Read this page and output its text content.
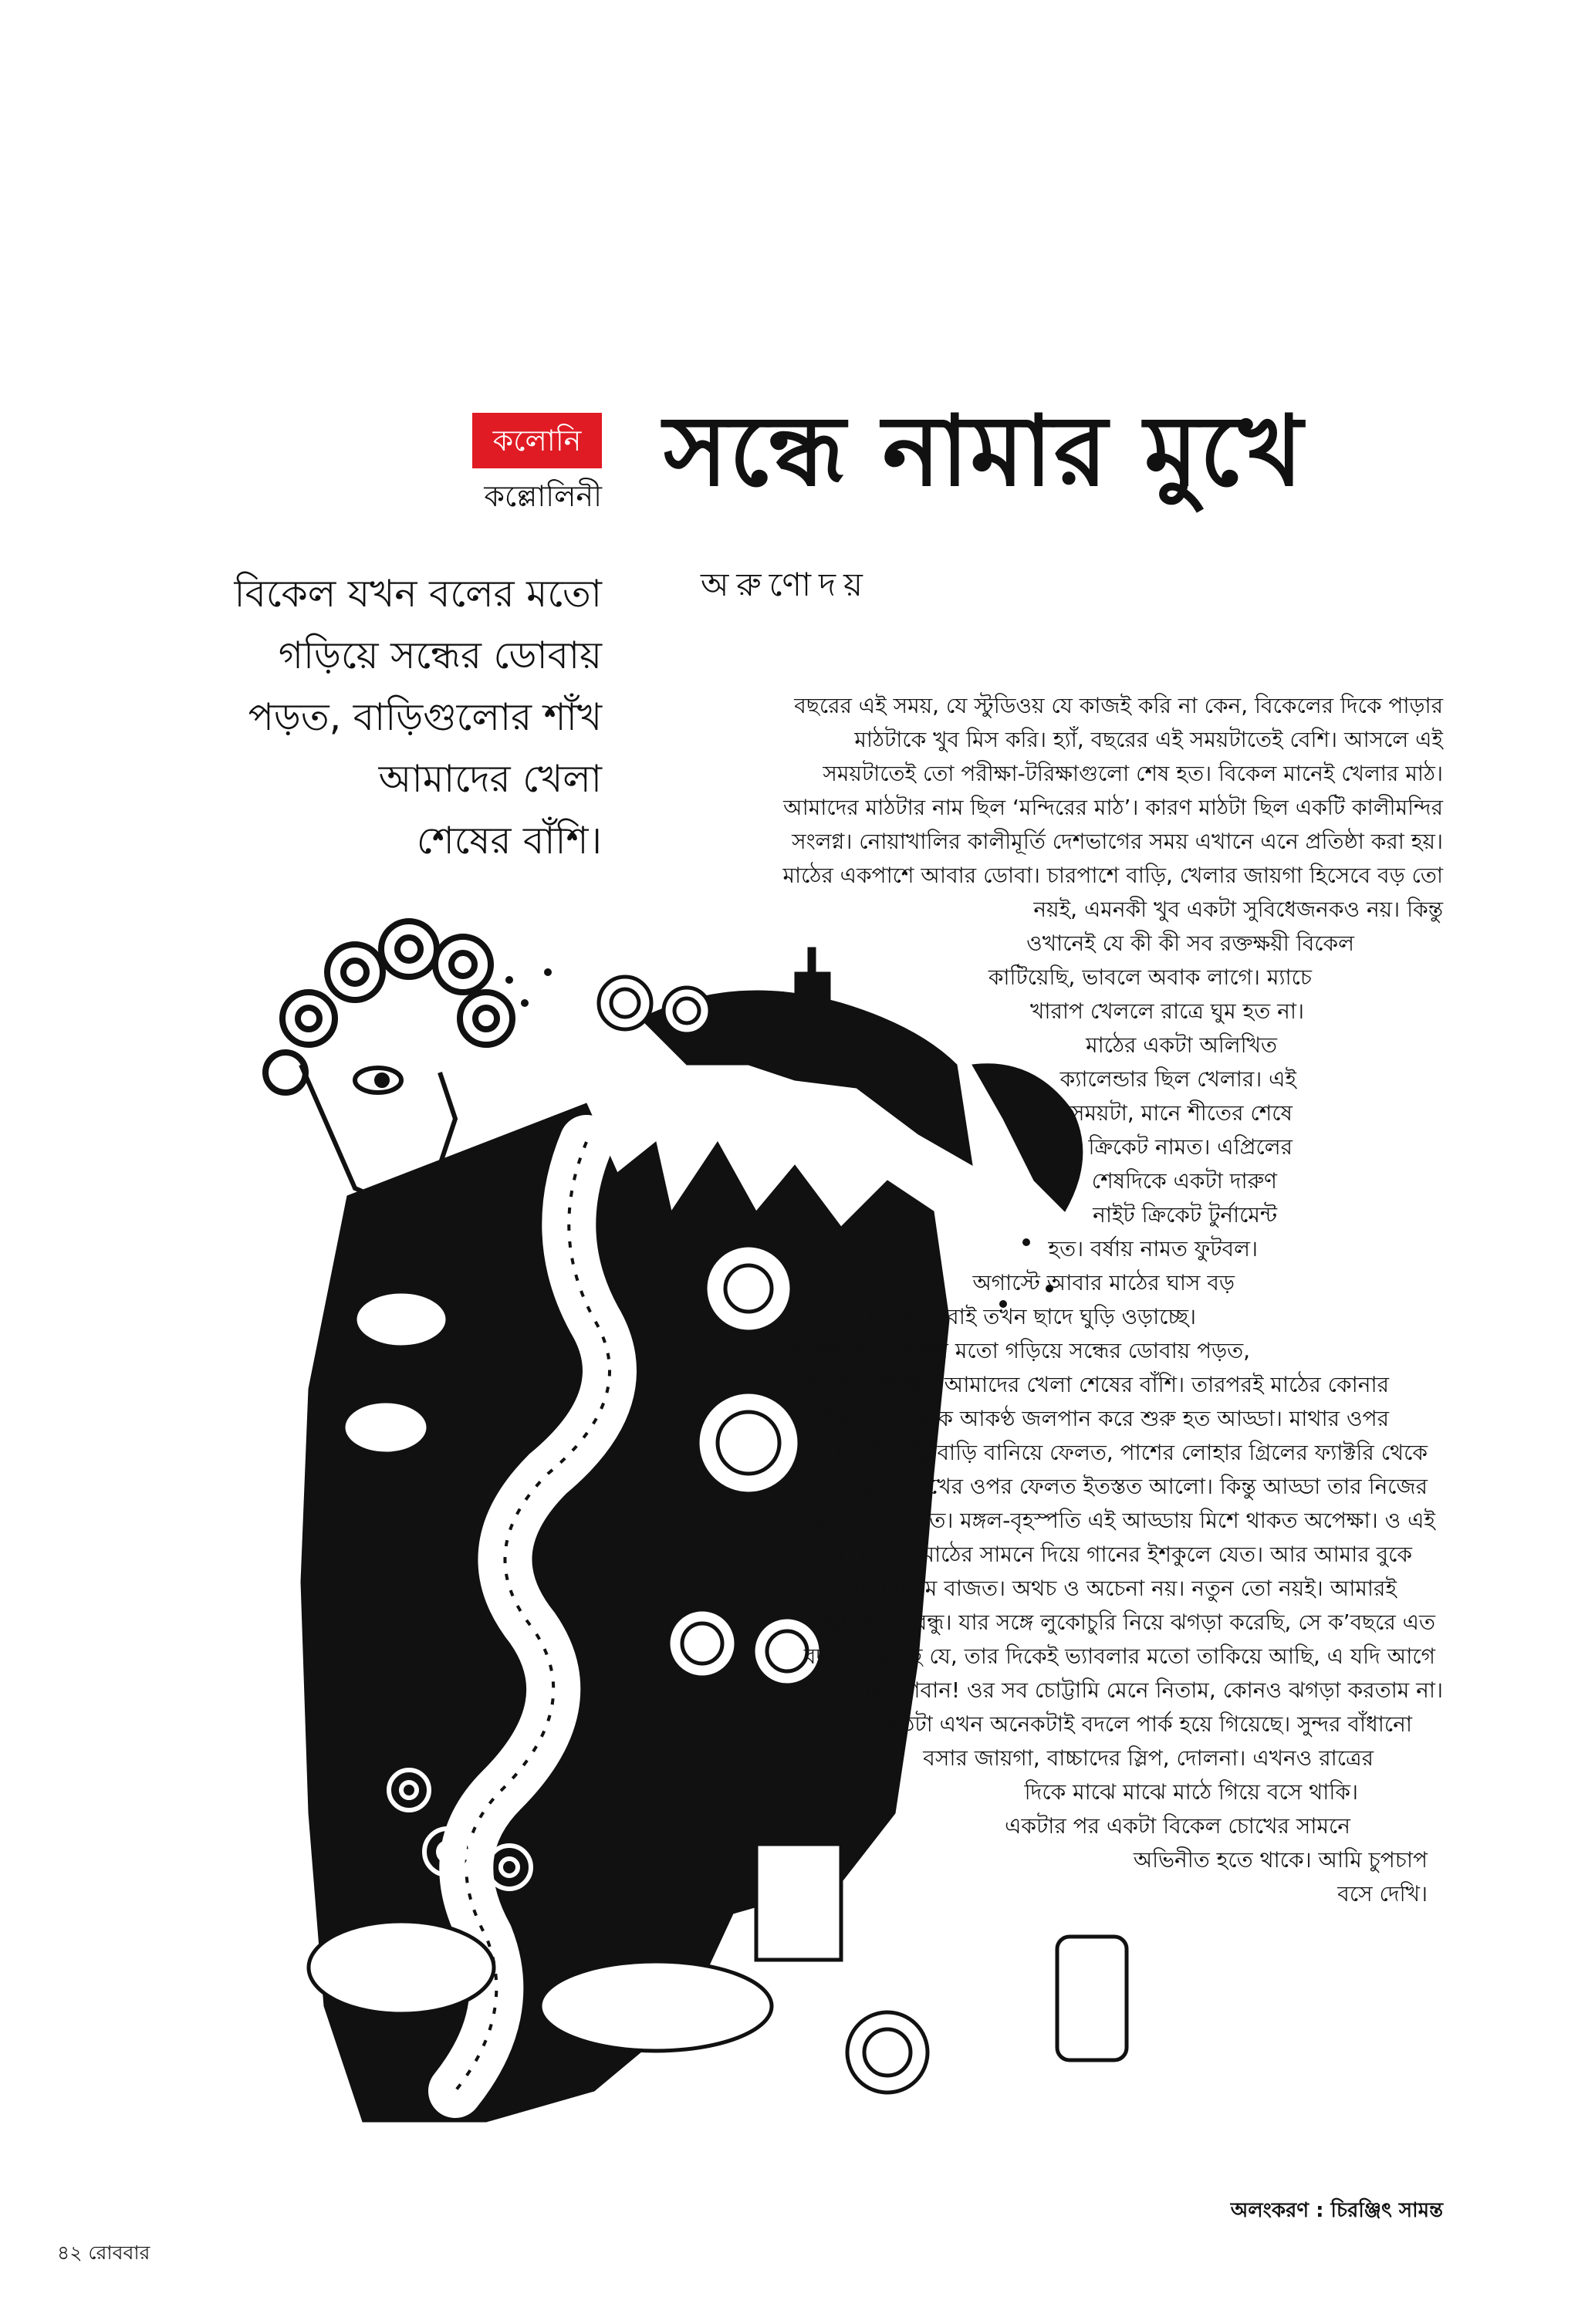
কলোনি
কল্লোলিনী সন্ধে নামার মুখে
অরুণোদয়
বিকেল যখন বলের মতো
গড়িয়ে সন্ধের ডোবায়
পড়ত, বাড়িগুলোর শাঁখ
আমাদের খেলা
শেষের বাঁশি।
বছরের এই সময়, যে স্টুডিওয় যে কাজই করি না কেন, বিকেলের দিকে পাড়ার
মাঠটাকে খুব মিস করি। হ্যাঁ, বছরের এই সময়টাতেই বেশি। আসলে এই
সময়টাতেই তো পরীক্ষা-টরিক্ষাগুলো শেষ হত। বিকেল মানেই খেলার মাঠ।
আমাদের মাঠটার নাম ছিল ‘মন্দিরের মাঠ’। কারণ মাঠটা ছিল একটি কালীমন্দির
সংলগ্ন। নোয়াখালির কালীমূর্তি দেশভাগের সময় এখানে এনে প্রতিষ্ঠা করা হয়।
মাঠের একপাশে আবার ডোবা। চারপাশে বাড়ি, খেলার জায়গা হিসেবে বড় তো
নয়ই, এমনকী খুব একটা সুবিধেজনকও নয়। কিন্তু
ওখানেই যে কী কী সব রক্তক্ষয়ী বিকেল
কাটিয়েছি, ভাবলে অবাক লাগে। ম্যাচে
খারাপ খেললে রাত্রে ঘুম হত না।
মাঠের একটা অলিখিত
ক্যালেন্ডার ছিল খেলার। এই
সময়টা, মানে শীতের শেষে
ক্রিকেট নামত। এপ্রিলের
শেষদিকে একটা দারুণ
নাইট ক্রিকেট টুর্নামেন্ট
হত। বর্ষায় নামত ফুটবল।
অগাস্টে আবার মাঠের ঘাস বড়
হত। কারণ সবাই তখন ছাদে ঘুড়ি ওড়াচ্ছে।
বিকেল যখন বলের মতো গড়িয়ে সন্ধের ডোবায় পড়ত,
বাড়িগুলোর শাঁখ আমাদের খেলা শেষের বাঁশি। তারপরই মাঠের কোনার
টিউবওয়েল থেকে আকণ্ঠ জলপান করে শুরু হত আড্ডা। মাথার ওপর
মশারা উঁচু উঁচু বাড়ি বানিয়ে ফেলত, পাশের লোহার গ্রিলের ফ্যাক্টরি থেকে
ফুলঝুরিরা মুখের ওপর ফেলত ইতস্তত আলো। কিন্তু আড্ডা তার নিজের
নিয়মে ছুটে চলত। মঙ্গল-বৃহস্পতি এই আড্ডায় মিশে থাকত অপেক্ষা। ও এই
দু’টো দিন মাঠের সামনে দিয়ে গানের ইশকুলে যেত। আর আমার বুকে
হারমোনিয়াম বাজত। অথচ ও অচেনা নয়। নতুন তো নয়ই। আমারই
ছোটবেলার বন্ধু। যার সঙ্গে লুকোচুরি নিয়ে ঝগড়া করেছি, সে ক’বছরে এত
বদলে গিয়েছে যে, তার দিকেই ভ্যাবলার মতো তাকিয়ে আছি, এ যদি আগে
জানতাম ভগবান! ওর সব চোট্টামি মেনে নিতাম, কোনও ঝগড়া করতাম না।
মাঠটা এখন অনেকটাই বদলে পার্ক হয়ে গিয়েছে। সুন্দর বাঁধানো
বসার জায়গা, বাচ্চাদের স্লিপ, দোলনা। এখনও রাত্রের
দিকে মাঝে মাঝে মাঠে গিয়ে বসে থাকি।
একটার পর একটা বিকেল চোখের সামনে
অভিনীত হতে থাকে। আমি চুপচাপ
বসে দেখি।
অলংকরণ : চিরঞ্জিৎ সামন্ত
৪২ রোববার
